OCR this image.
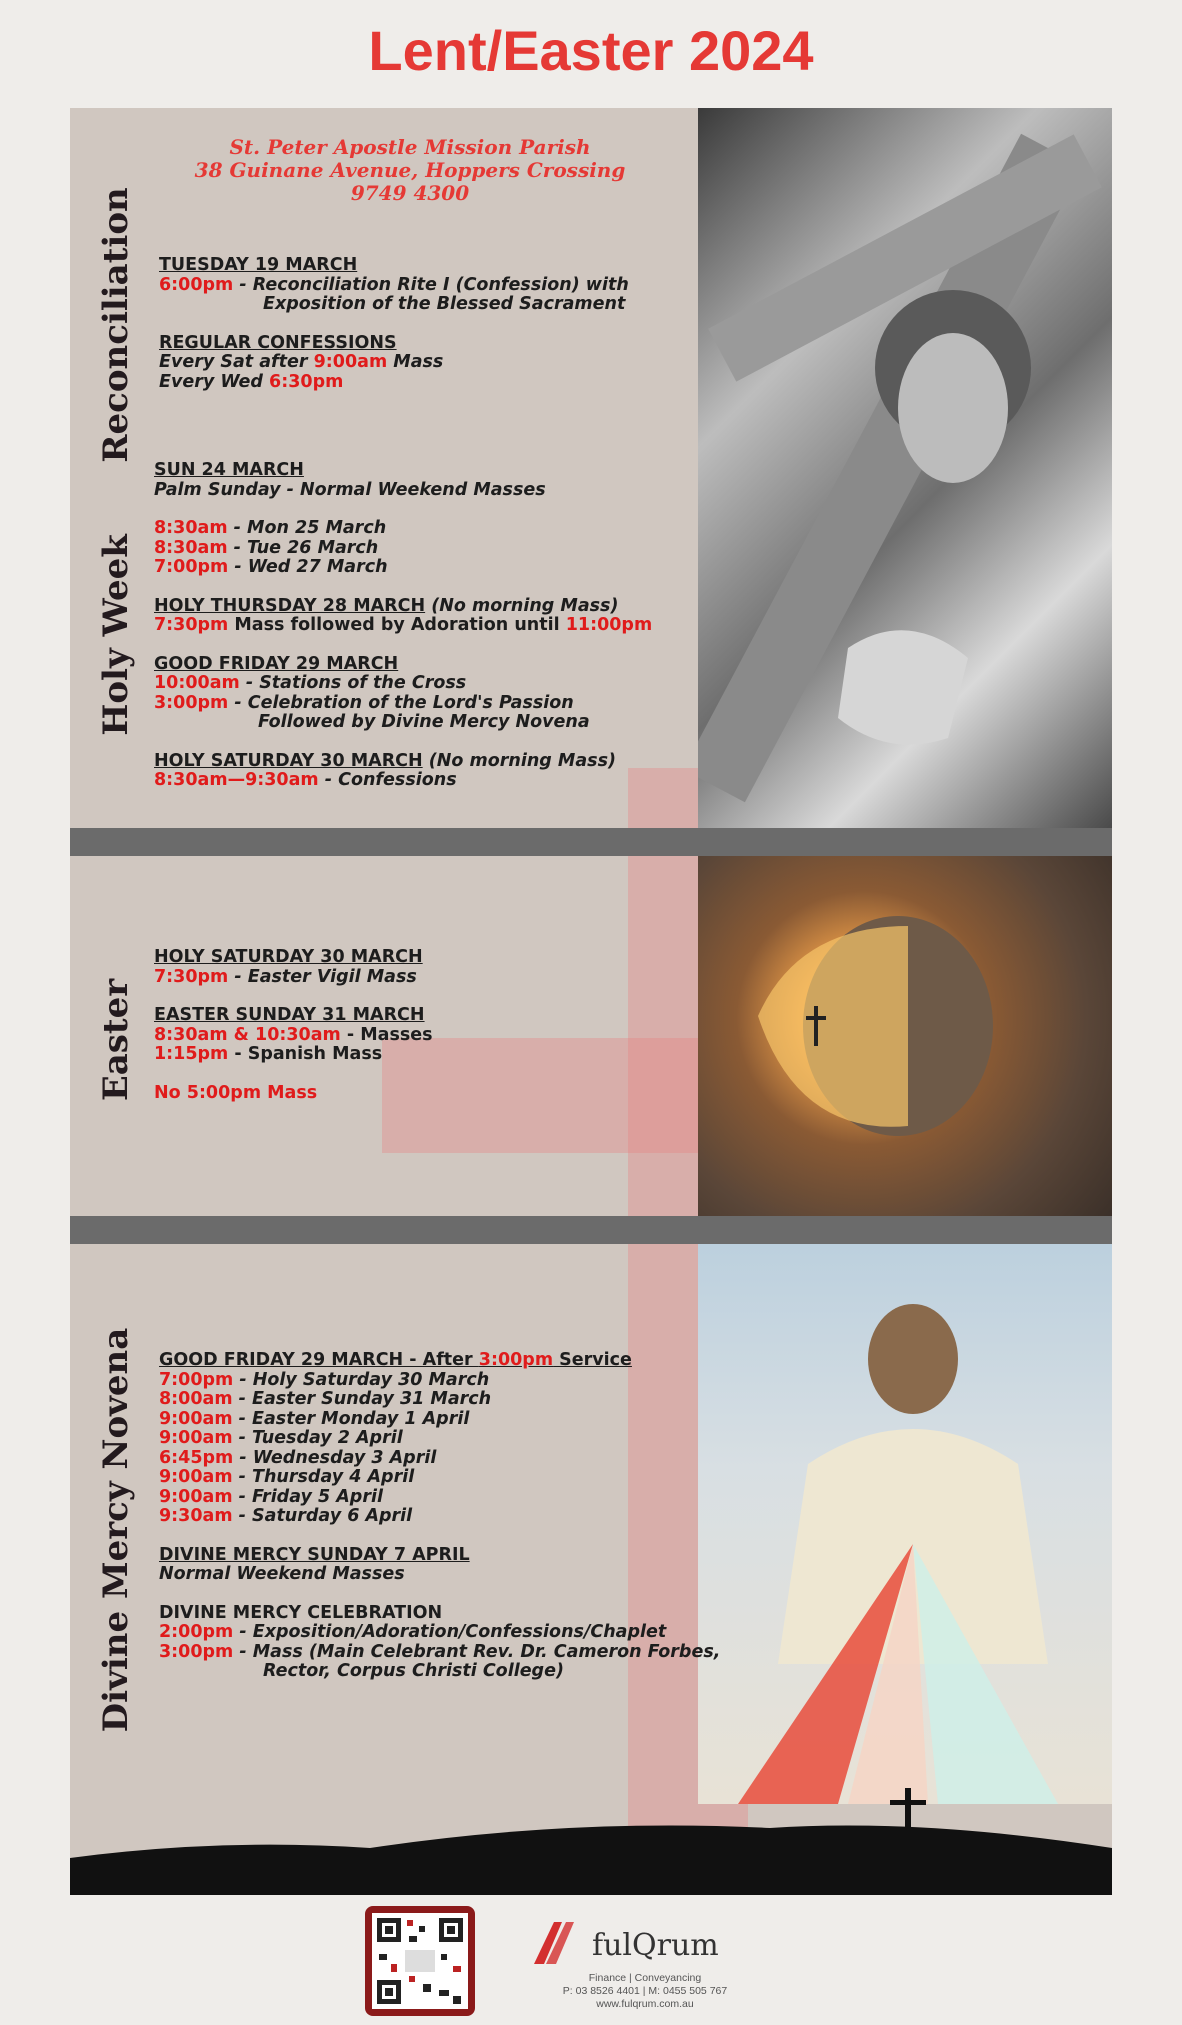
Lent/Easter 2024
St. Peter Apostle Mission Parish
38 Guinane Avenue, Hoppers Crossing
9749 4300
Reconciliation
Holy Week
Easter
Divine Mercy Novena
TUESDAY 19 MARCH
6:00pm - Reconciliation Rite I (Confession) with
Exposition of the Blessed Sacrament
REGULAR CONFESSIONS
Every Sat after 9:00am Mass
Every Wed 6:30pm
SUN 24 MARCH
Palm Sunday - Normal Weekend Masses
8:30am - Mon 25 March
8:30am - Tue 26 March
7:00pm - Wed 27 March
HOLY THURSDAY 28 MARCH (No morning Mass)
7:30pm Mass followed by Adoration until 11:00pm
GOOD FRIDAY 29 MARCH
10:00am - Stations of the Cross
3:00pm - Celebration of the Lord's Passion
Followed by Divine Mercy Novena
HOLY SATURDAY 30 MARCH (No morning Mass)
8:30am—9:30am - Confessions
HOLY SATURDAY 30 MARCH
7:30pm - Easter Vigil Mass
EASTER SUNDAY 31 MARCH
8:30am & 10:30am - Masses
1:15pm - Spanish Mass
No 5:00pm Mass
GOOD FRIDAY 29 MARCH - After 3:00pm Service
7:00pm - Holy Saturday 30 March
8:00am - Easter Sunday 31 March
9:00am - Easter Monday 1 April
9:00am - Tuesday 2 April
6:45pm - Wednesday 3 April
9:00am - Thursday 4 April
9:00am - Friday 5 April
9:30am - Saturday 6 April
DIVINE MERCY SUNDAY 7 APRIL
Normal Weekend Masses
DIVINE MERCY CELEBRATION
2:00pm - Exposition/Adoration/Confessions/Chaplet
3:00pm - Mass (Main Celebrant Rev. Dr. Cameron Forbes,
Rector, Corpus Christi College)
fulQrum
Finance | Conveyancing
P: 03 8526 4401 | M: 0455 505 767
www.fulqrum.com.au
